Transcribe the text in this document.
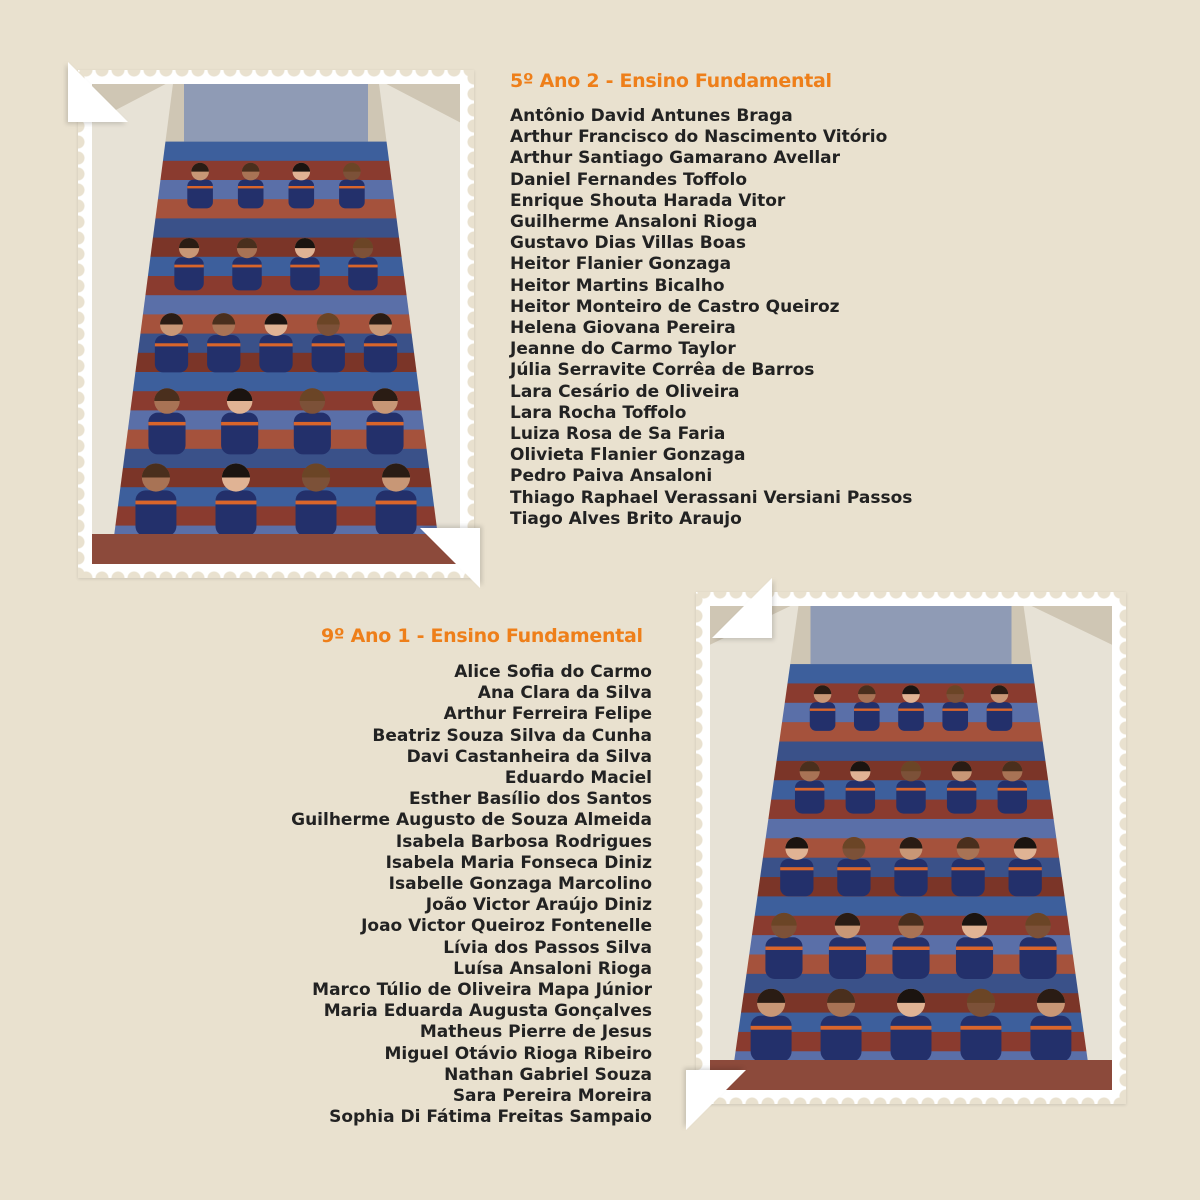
5º Ano 2 - Ensino Fundamental
Antônio David Antunes Braga
Arthur Francisco do Nascimento Vitório
Arthur Santiago Gamarano Avellar
Daniel Fernandes Toffolo
Enrique Shouta Harada Vitor
Guilherme Ansaloni Rioga
Gustavo Dias Villas Boas
Heitor Flanier Gonzaga
Heitor Martins Bicalho
Heitor Monteiro de Castro Queiroz
Helena Giovana Pereira
Jeanne do Carmo Taylor
Júlia Serravite Corrêa de Barros
Lara Cesário de Oliveira
Lara Rocha Toffolo
Luiza Rosa de Sa Faria
Olivieta Flanier Gonzaga
Pedro Paiva Ansaloni
Thiago Raphael Verassani Versiani Passos
Tiago Alves Brito Araujo
9º Ano 1 - Ensino Fundamental
Alice Sofia do Carmo
Ana Clara da Silva
Arthur Ferreira Felipe
Beatriz Souza Silva da Cunha
Davi Castanheira da Silva
Eduardo Maciel
Esther Basílio dos Santos
Guilherme Augusto de Souza Almeida
Isabela Barbosa Rodrigues
Isabela Maria Fonseca Diniz
Isabelle Gonzaga Marcolino
João Victor Araújo Diniz
Joao Victor Queiroz Fontenelle
Lívia dos Passos Silva
Luísa Ansaloni Rioga
Marco Túlio de Oliveira Mapa Júnior
Maria Eduarda Augusta Gonçalves
Matheus Pierre de Jesus
Miguel Otávio Rioga Ribeiro
Nathan Gabriel Souza
Sara Pereira Moreira
Sophia Di Fátima Freitas Sampaio
